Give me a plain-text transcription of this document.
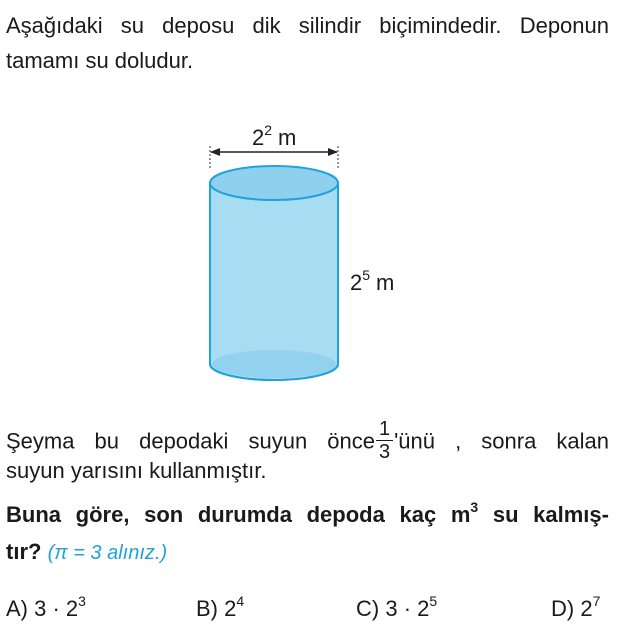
Aşağıdaki su deposu dik silindir biçimindedir. Deponun
tamamı su doludur.
$2^2$ m
$2^5$ m
Şeyma bu depodaki suyun önce $\frac{1}{3}$ 'ünü , sonra kalan
suyun yarısını kullanmıştır.
Buna göre, son durumda depoda kaç $m^3$ su kalmış-
tır? (π = 3 alınız.)
A) $3 \cdot 2^3$	B) $2^4$	C) $3 \cdot 2^5$	D) $2^7$
